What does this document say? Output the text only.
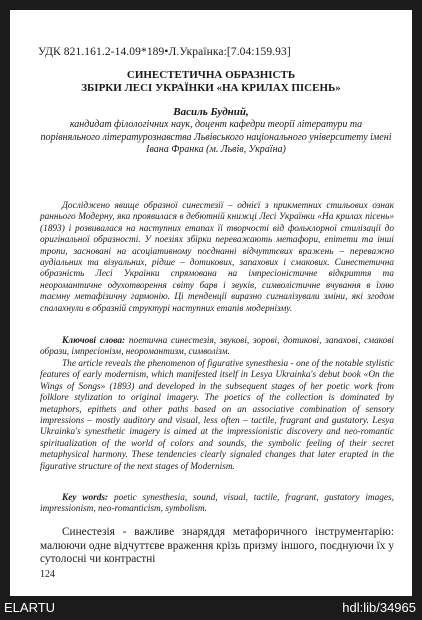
УДК 821.161.2-14.09*189•Л.Українка:[7.04:159.93]
СИНЕСТЕТИЧНА ОБРАЗНІСТЬ
ЗБІРКИ ЛЕСІ УКРАЇНКИ «НА КРИЛАХ ПІСЕНЬ»
Василь Будний,
кандидат філологічних наук, доцент кафедри теорії літератури та порівняльного літературознавства Львівського національного університету імені Івана Франка (м. Львів, Україна)
Досліджено явище образної синестезії – однієї з прикметних стильових ознак раннього Модерну, яка проявилася в дебютній книжці Лесі Українки «На крилах пісень» (1893) і розвивалася на наступних етапах її творчості від фольклорної стилізації до оригінальної образності. У поезіях збірки переважають метафори, епітети та інші тропи, засновані на асоціативному поєднанні відчуттєвих вражень – переважно аудіальних та візуальних, рідше – дотикових, запахових і смакових. Синестетична образність Лесі Українки спрямована на імпресіоністичне відкриття та неоромантичне одухотворення світу барв і звуків, символістичне вчування в їхню таємну метафізичну гармонію. Ці тенденції виразно сигналізували зміни, які згодом спалахнули в образній структурі наступних етапів модернізму.
Ключові слова: поетична синестезія, звукові, зорові, дотикові, запахові, смакові образи, імпресіонізм, неоромантизм, символізм.
The article reveals the phenomenon of figurative synesthesia - one of the notable stylistic features of early modernism, which manifested itself in Lesya Ukrainka's debut book «On the Wings of Songs» (1893) and developed in the subsequent stages of her poetic work from folklore stylization to original imagery. The poetics of the collection is dominated by metaphors, epithets and other paths based on an associative combination of sensory impressions – mostly auditory and visual, less often – tactile, fragrant and gustatory. Lesya Ukrainka's synesthetic imagery is aimed at the impressionistic discovery and neo-romantic spiritualization of the world of colors and sounds, the symbolic feeling of their secret metaphysical harmony. These tendencies clearly signaled changes that later erupted in the figurative structure of the next stages of Modernism.
Key words: poetic synesthesia, sound, visual, tactile, fragrant, gustatory images, impressionism, neo-romanticism, symbolism.
Синестезія - важливе знаряддя метафоричного інструментарію: малюючи одне відчуттєве враження крізь призму іншого, поєднуючи їх у сутолосні чи контрастні
124
ELARTU	hdl:lib/34965
